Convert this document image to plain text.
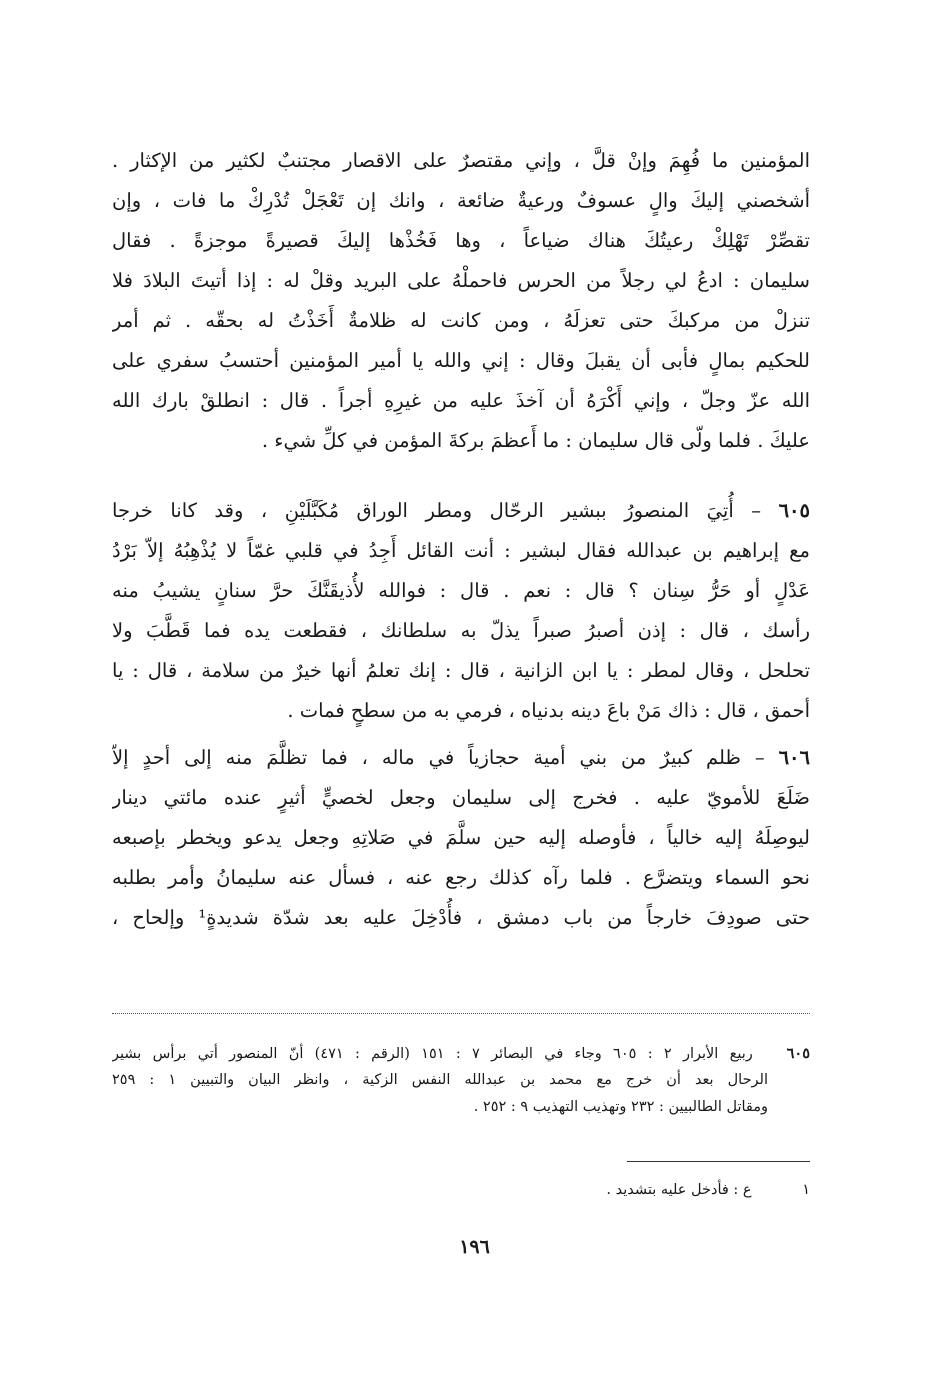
المؤمنين ما فُهِمَ وإنْ قلَّ ، وإني مقتصرٌ على الاقصار مجتنبٌ لكثير من الإكثار .
أشخصني إليكَ والٍ عسوفٌ ورعيةٌ ضائعة ، وانك إن تَعْجَلْ تُدْرِكْ ما فات ، وإن
تقصِّرْ تَهْلِكْ رعيتُكَ هناك ضياعاً ، وها فَخُذْها إليكَ قصيرةً موجزةً . فقال
سليمان : ادعُ لي رجلاً من الحرس فاحملْهُ على البريد وقلْ له : إذا أتيتَ البلادَ فلا
تنزلْ من مركبكَ حتى تعزلَهُ ، ومن كانت له ظلامةٌ أَخَذْتُ له بحقّه . ثم أمر
للحكيم بمالٍ فأبى أن يقبلَ وقال : إني والله يا أمير المؤمنين أحتسبُ سفري على
الله عزّ وجلّ ، وإني أَكْرَهُ أن آخذَ عليه من غيرِهِ أجراً . قال : انطلقْ بارك الله
عليكَ . فلما ولّى قال سليمان : ما أَعظمَ بركةَ المؤمن في كلِّ شيء .
٦٠٥ – أُتِيَ المنصورُ ببشير الرحّال ومطر الوراق مُكَبَّلَيْنِ ، وقد كانا خرجا
مع إبراهيم بن عبدالله فقال لبشير : أنت القائل أَجِدُ في قلبي غمّاً لا يُذْهِبُهُ إلاّ بَرْدُ
عَدْلٍ أو حَرُّ سِنان ؟ قال : نعم . قال : فوالله لأُذيقَنَّكَ حرَّ سنانٍ يشيبُ منه
رأسك ، قال : إذن أصبرُ صبراً يذلّ به سلطانك ، فقطعت يده فما قَطَّبَ ولا
تحلحل ، وقال لمطر : يا ابن الزانية ، قال : إنك تعلمُ أنها خيرٌ من سلامة ، قال : يا
أحمق ، قال : ذاك مَنْ باعَ دينه بدنياه ، فرمي به من سطحٍ فمات .
٦٠٦ – ظلم كبيرٌ من بني أمية حجازياً في ماله ، فما تظلَّمَ منه إلى أحدٍ إلاّ
ضَلَعَ للأمويّ عليه . فخرج إلى سليمان وجعل لخصيٍّ أثيرٍ عنده مائتي دينار
ليوصِلَهُ إليه خالياً ، فأوصله إليه حين سلَّمَ في صَلاتِهِ وجعل يدعو ويخطر بإصبعه
نحو السماء ويتضرَّع . فلما رآه كذلك رجع عنه ، فسأل عنه سليمانُ وأمر بطلبه
حتى صودِفَ خارجاً من باب دمشق ، فأُدْخِلَ عليه بعد شدّة شديدةٍ¹ وإلحاح ،
٦٠٥   ربيع الأبرار ٢ : ٦٠٥ وجاء في البصائر ٧ : ١٥١ (الرقم : ٤٧١) أنّ المنصور أتي برأس بشير
الرحال بعد أن خرج مع محمد بن عبدالله النفس الزكية ، وانظر البيان والتبيين ١ : ٢٥٩
ومقاتل الطالبيين : ٢٣٢ وتهذيب التهذيب ٩ : ٢٥٢ .
١    ع : فأدخل عليه بتشديد .
١٩٦
